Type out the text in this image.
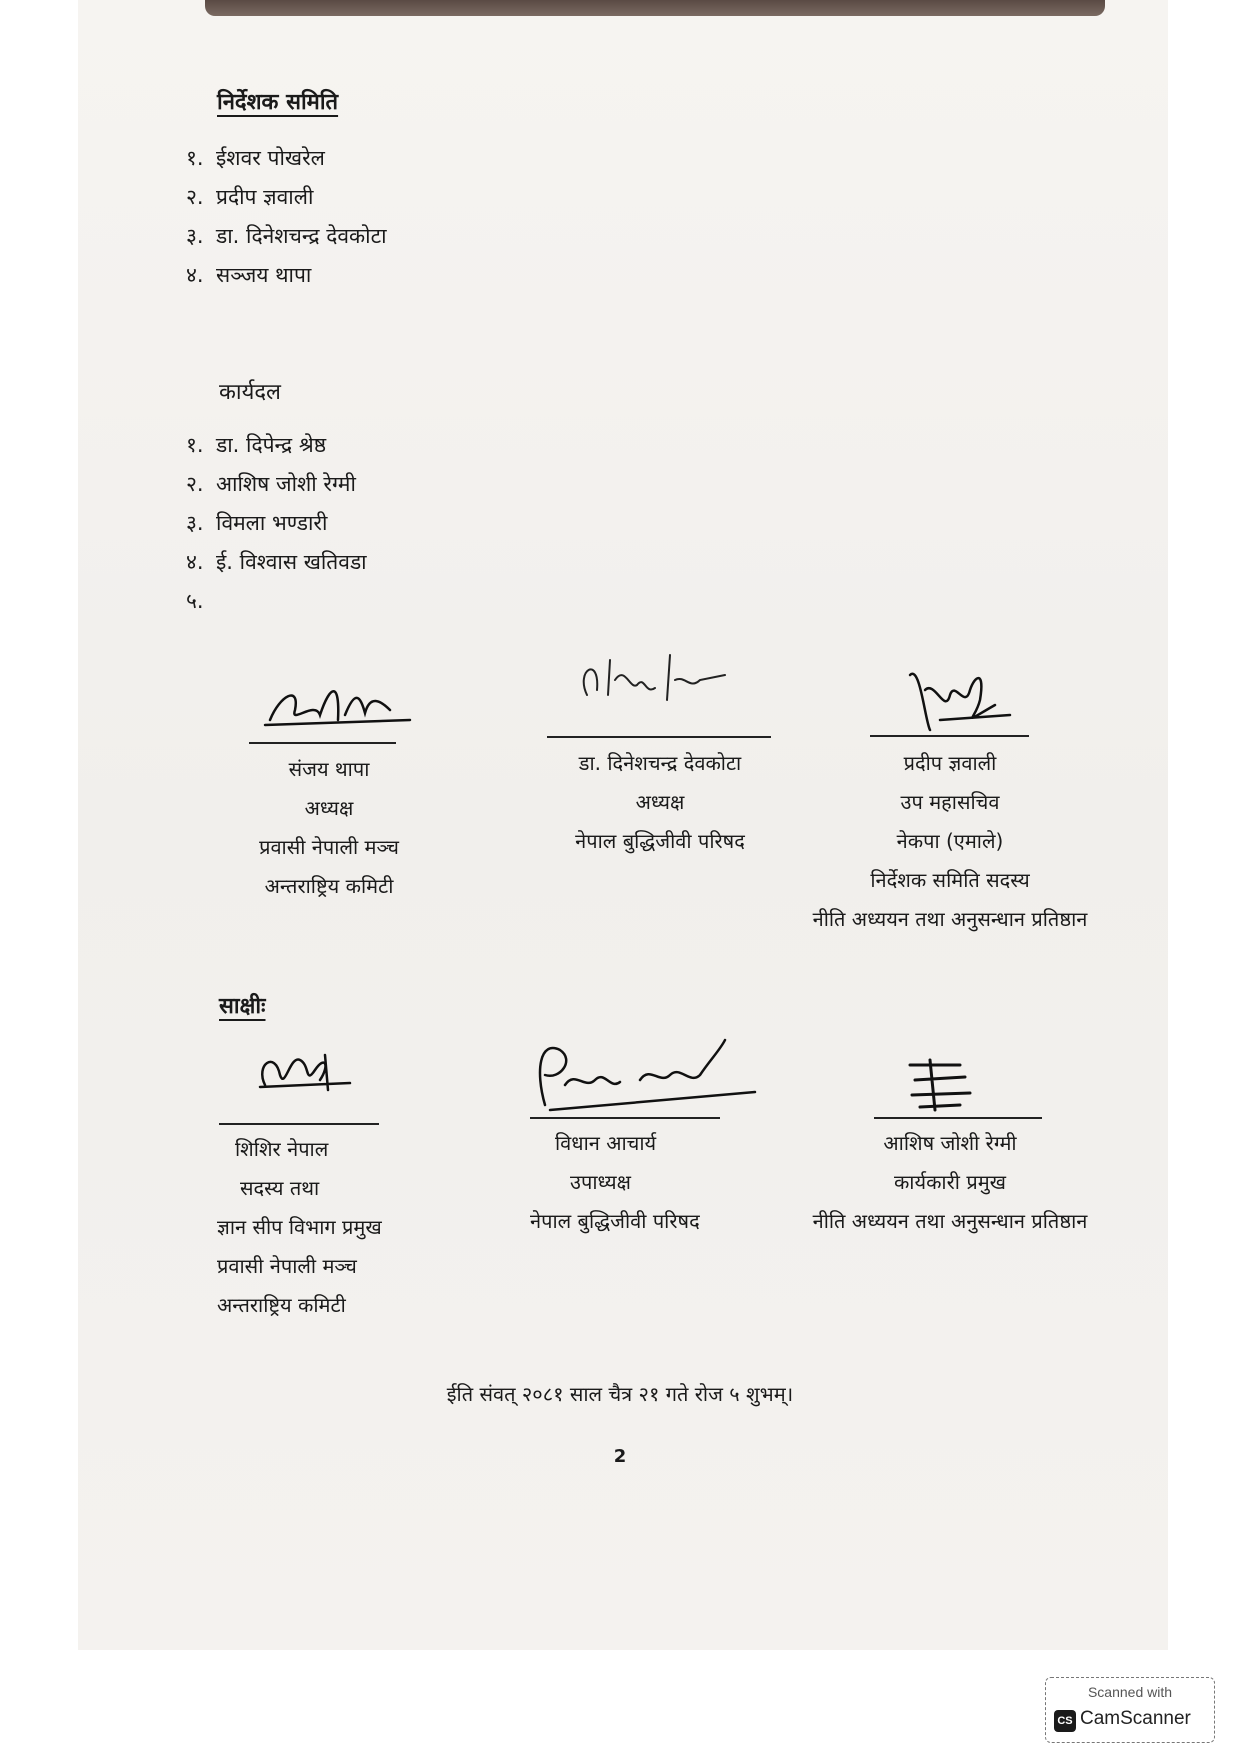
निर्देशक समिति
१. ईशवर पोखरेल
२. प्रदीप ज्ञवाली
३. डा. दिनेशचन्द्र देवकोटा
४. सञ्जय थापा
कार्यदल
१. डा. दिपेन्द्र श्रेष्ठ
२. आशिष जोशी रेग्मी
३. विमला भण्डारी
४. ई. विश्वास खतिवडा
५.
संजय थापा
अध्यक्ष
प्रवासी नेपाली मञ्च
अन्तराष्ट्रिय कमिटी
डा. दिनेशचन्द्र देवकोटा
अध्यक्ष
नेपाल बुद्धिजीवी परिषद
प्रदीप ज्ञवाली
उप महासचिव
नेकपा (एमाले)
निर्देशक समिति सदस्य
नीति अध्ययन तथा अनुसन्धान प्रतिष्ठान
साक्षीः
शिशिर नेपाल
सदस्य तथा
ज्ञान सीप विभाग प्रमुख
प्रवासी नेपाली मञ्च
अन्तराष्ट्रिय कमिटी
विधान आचार्य
उपाध्यक्ष
नेपाल बुद्धिजीवी परिषद
आशिष जोशी रेग्मी
कार्यकारी प्रमुख
नीति अध्ययन तथा अनुसन्धान प्रतिष्ठान
ईति संवत् २०८१ साल चैत्र २१ गते रोज ५ शुभम्।
2
Scanned with
CS CamScanner
